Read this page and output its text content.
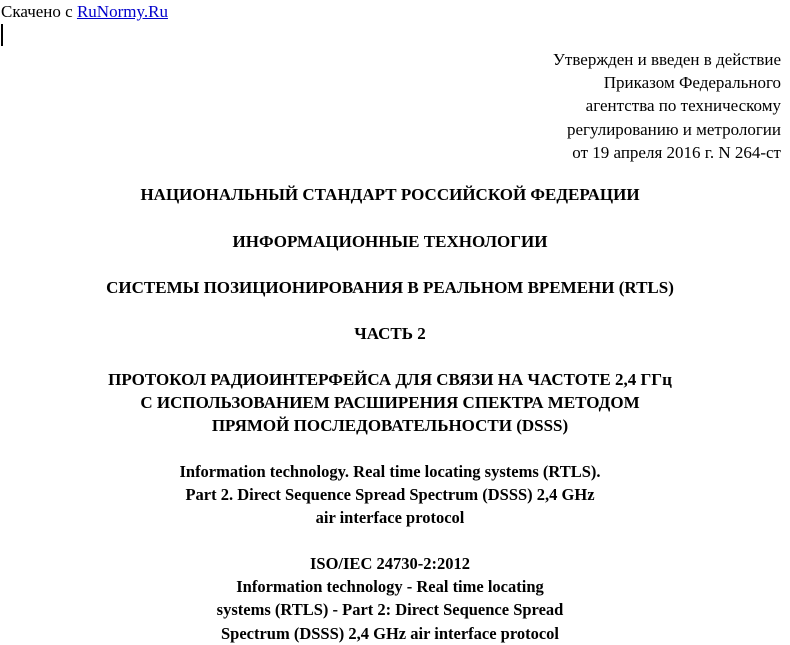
Скачено с RuNormy.Ru
Утвержден и введен в действие
Приказом Федерального
агентства по техническому
регулированию и метрологии
от 19 апреля 2016 г. N 264-ст
НАЦИОНАЛЬНЫЙ СТАНДАРТ РОССИЙСКОЙ ФЕДЕРАЦИИ
ИНФОРМАЦИОННЫЕ ТЕХНОЛОГИИ
СИСТЕМЫ ПОЗИЦИОНИРОВАНИЯ В РЕАЛЬНОМ ВРЕМЕНИ (RTLS)
ЧАСТЬ 2
ПРОТОКОЛ РАДИОИНТЕРФЕЙСА ДЛЯ СВЯЗИ НА ЧАСТОТЕ 2,4 ГГц
С ИСПОЛЬЗОВАНИЕМ РАСШИРЕНИЯ СПЕКТРА МЕТОДОМ
ПРЯМОЙ ПОСЛЕДОВАТЕЛЬНОСТИ (DSSS)
Information technology. Real time locating systems (RTLS).
Part 2. Direct Sequence Spread Spectrum (DSSS) 2,4 GHz
air interface protocol
ISO/IEC 24730-2:2012
Information technology - Real time locating
systems (RTLS) - Part 2: Direct Sequence Spread
Spectrum (DSSS) 2,4 GHz air interface protocol
